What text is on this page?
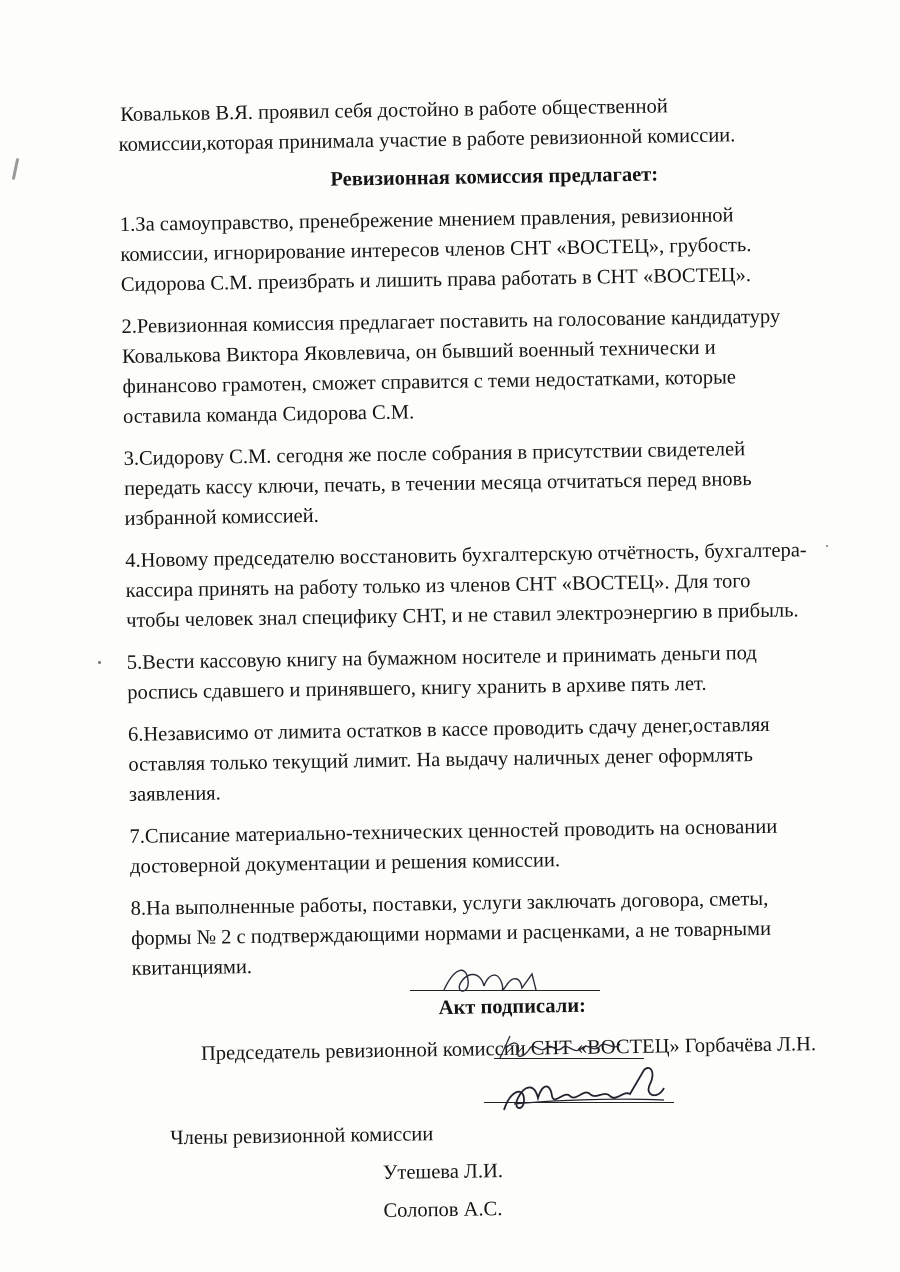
Ковальков В.Я. проявил себя достойно в работе общественной
комиссии,которая принимала участие в работе ревизионной комиссии.

Ревизионная комиссия предлагает:

1.За самоуправство, пренебрежение мнением правления, ревизионной
комиссии, игнорирование интересов членов СНТ «ВОСТЕЦ», грубость.
Сидорова С.М. преизбрать и лишить права работать в СНТ «ВОСТЕЦ».

2.Ревизионная комиссия предлагает поставить на голосование кандидатуру
Ковалькова Виктора Яковлевича, он бывший военный технически и
финансово грамотен, сможет справится с теми недостатками, которые
оставила команда Сидорова С.М.

3.Сидорову С.М. сегодня же после собрания в присутствии свидетелей
передать кассу ключи, печать, в течении месяца отчитаться перед вновь
избранной комиссией.

4.Новому председателю восстановить бухгалтерскую отчётность, бухгалтера-
кассира принять на работу только из членов СНТ «ВОСТЕЦ». Для того
чтобы человек знал специфику СНТ, и не ставил электроэнергию в прибыль.

5.Вести кассовую книгу на бумажном носителе и принимать деньги под
роспись сдавшего и принявшего, книгу хранить в архиве пять лет.

6.Независимо от лимита остатков в кассе проводить сдачу денег,оставляя
оставляя только текущий лимит. На выдачу наличных денег оформлять
заявления.

7.Списание материально-технических ценностей проводить на основании
достоверной документации и решения комиссии.

8.На выполненные работы, поставки, услуги заключать договора, сметы,
формы № 2 с подтверждающими нормами и расценками, а не товарными
квитанциями.

Акт подписали:

Председатель ревизионной комиссии СНТ «ВОСТЕЦ» Горбачёва Л.Н.

Члены ревизионной комиссии

Утешева Л.И.

Солопов А.С.
